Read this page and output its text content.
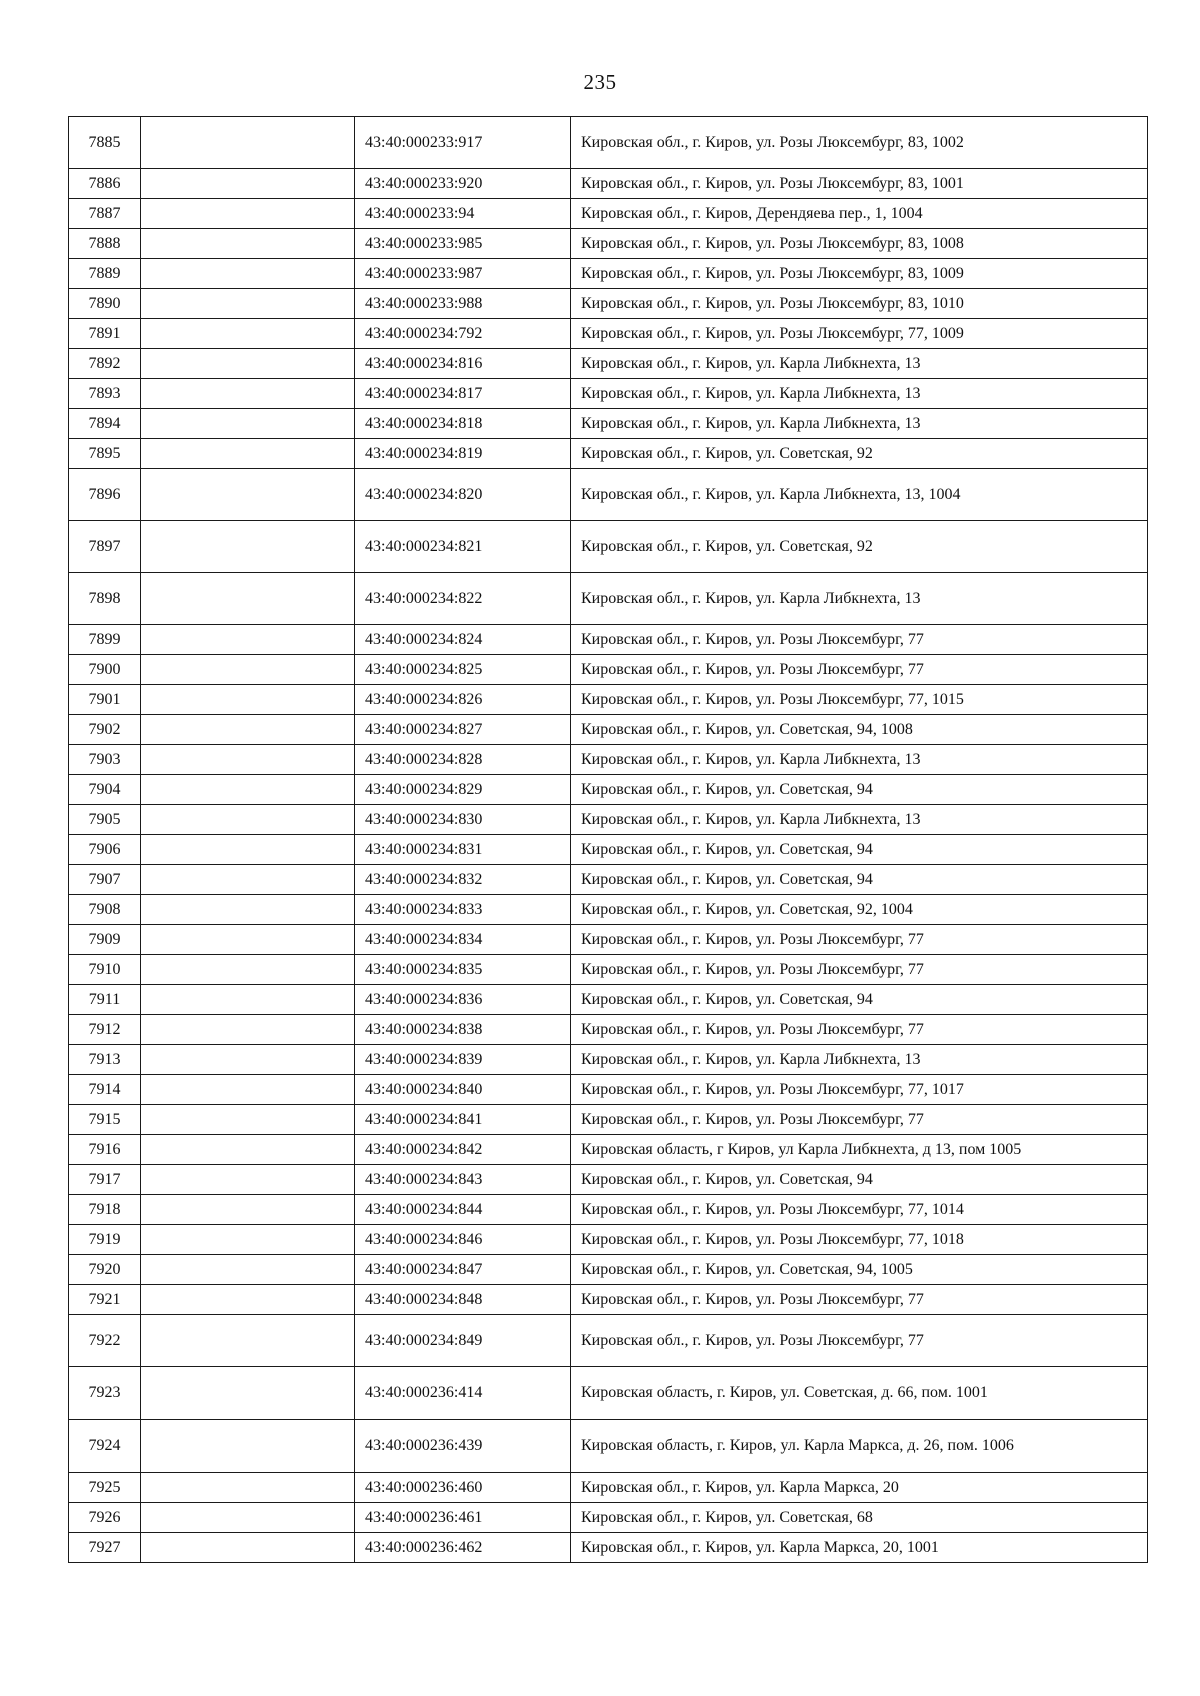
235
7885		43:40:000233:917	Кировская обл., г. Киров, ул. Розы Люксембург, 83, 1002
7886		43:40:000233:920	Кировская обл., г. Киров, ул. Розы Люксембург, 83, 1001
7887		43:40:000233:94	Кировская обл., г. Киров, Дерендяева пер., 1, 1004
7888		43:40:000233:985	Кировская обл., г. Киров, ул. Розы Люксембург, 83, 1008
7889		43:40:000233:987	Кировская обл., г. Киров, ул. Розы Люксембург, 83, 1009
7890		43:40:000233:988	Кировская обл., г. Киров, ул. Розы Люксембург, 83, 1010
7891		43:40:000234:792	Кировская обл., г. Киров, ул. Розы Люксембург, 77, 1009
7892		43:40:000234:816	Кировская обл., г. Киров, ул. Карла Либкнехта, 13
7893		43:40:000234:817	Кировская обл., г. Киров, ул. Карла Либкнехта, 13
7894		43:40:000234:818	Кировская обл., г. Киров, ул. Карла Либкнехта, 13
7895		43:40:000234:819	Кировская обл., г. Киров, ул. Советская, 92
7896		43:40:000234:820	Кировская обл., г. Киров, ул. Карла Либкнехта, 13, 1004
7897		43:40:000234:821	Кировская обл., г. Киров, ул. Советская, 92
7898		43:40:000234:822	Кировская обл., г. Киров, ул. Карла Либкнехта, 13
7899		43:40:000234:824	Кировская обл., г. Киров, ул. Розы Люксембург, 77
7900		43:40:000234:825	Кировская обл., г. Киров, ул. Розы Люксембург, 77
7901		43:40:000234:826	Кировская обл., г. Киров, ул. Розы Люксембург, 77, 1015
7902		43:40:000234:827	Кировская обл., г. Киров, ул. Советская, 94, 1008
7903		43:40:000234:828	Кировская обл., г. Киров, ул. Карла Либкнехта, 13
7904		43:40:000234:829	Кировская обл., г. Киров, ул. Советская, 94
7905		43:40:000234:830	Кировская обл., г. Киров, ул. Карла Либкнехта, 13
7906		43:40:000234:831	Кировская обл., г. Киров, ул. Советская, 94
7907		43:40:000234:832	Кировская обл., г. Киров, ул. Советская, 94
7908		43:40:000234:833	Кировская обл., г. Киров, ул. Советская, 92, 1004
7909		43:40:000234:834	Кировская обл., г. Киров, ул. Розы Люксембург, 77
7910		43:40:000234:835	Кировская обл., г. Киров, ул. Розы Люксембург, 77
7911		43:40:000234:836	Кировская обл., г. Киров, ул. Советская, 94
7912		43:40:000234:838	Кировская обл., г. Киров, ул. Розы Люксембург, 77
7913		43:40:000234:839	Кировская обл., г. Киров, ул. Карла Либкнехта, 13
7914		43:40:000234:840	Кировская обл., г. Киров, ул. Розы Люксембург, 77, 1017
7915		43:40:000234:841	Кировская обл., г. Киров, ул. Розы Люксембург, 77
7916		43:40:000234:842	Кировская область, г Киров, ул Карла Либкнехта, д 13, пом 1005
7917		43:40:000234:843	Кировская обл., г. Киров, ул. Советская, 94
7918		43:40:000234:844	Кировская обл., г. Киров, ул. Розы Люксембург, 77, 1014
7919		43:40:000234:846	Кировская обл., г. Киров, ул. Розы Люксембург, 77, 1018
7920		43:40:000234:847	Кировская обл., г. Киров, ул. Советская, 94, 1005
7921		43:40:000234:848	Кировская обл., г. Киров, ул. Розы Люксембург, 77
7922		43:40:000234:849	Кировская обл., г. Киров, ул. Розы Люксембург, 77
7923		43:40:000236:414	Кировская область, г. Киров, ул. Советская, д. 66, пом. 1001
7924		43:40:000236:439	Кировская область, г. Киров, ул. Карла Маркса, д. 26, пом. 1006
7925		43:40:000236:460	Кировская обл., г. Киров, ул. Карла Маркса, 20
7926		43:40:000236:461	Кировская обл., г. Киров, ул. Советская, 68
7927		43:40:000236:462	Кировская обл., г. Киров, ул. Карла Маркса, 20, 1001
